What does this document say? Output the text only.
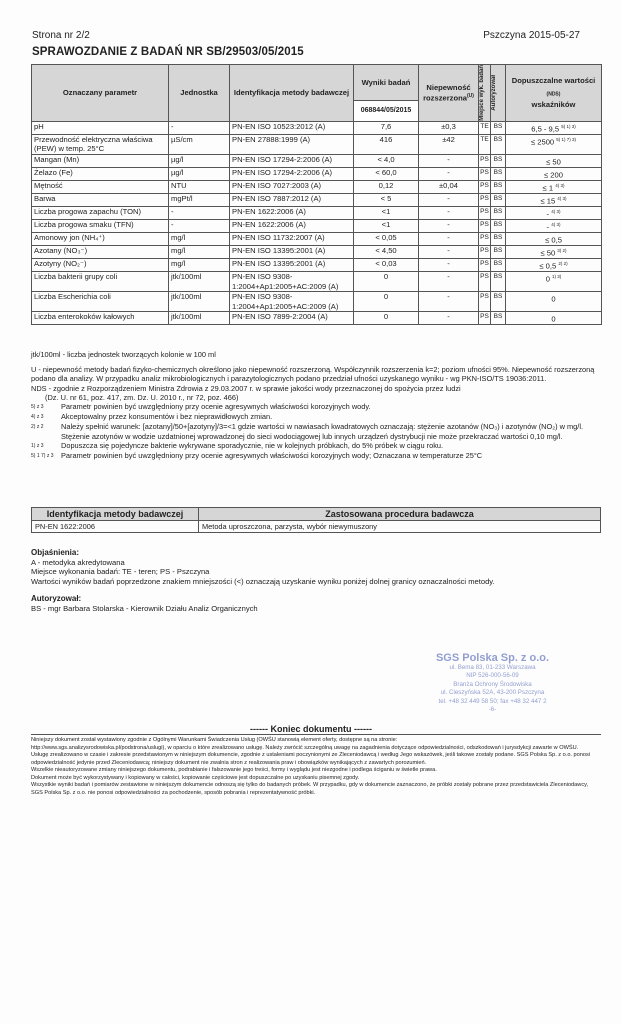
Strona nr 2/2	Pszczyna 2015-05-27
SPRAWOZDANIE Z BADAŃ NR SB/29503/05/2015
Oznaczany parametr	Jednostka	Identyfikacja metody badawczej	Wyniki badań	Niepewność rozszerzona$^{(U)}$	Miejsce wyk. badań	Autoryzował	Dopuszczalne wartości $_{(NDS)}$
wskaźników
			068844/05/2015				
pH	-	PN-EN ISO 10523:2012 (A)	7,6	±0,3	TE	BS	6,5 - 9,5 $^{5) 1) 3)}$
Przewodność elektryczna właściwa (PEW) w temp. 25°C	µS/cm	PN-EN 27888:1999 (A)	416	±42	TE	BS	≤ 2500 $^{5) 1) 7) 3)}$
Mangan (Mn)	µg/l	PN-EN ISO 17294-2:2006 (A)	< 4,0	-	PS	BS	≤ 50
Żelazo (Fe)	µg/l	PN-EN ISO 17294-2:2006 (A)	< 60,0	-	PS	BS	≤ 200
Mętność	NTU	PN-EN ISO 7027:2003 (A)	0,12	±0,04	PS	BS	≤ 1 $^{4) 3)}$
Barwa	mgPt/l	PN-EN ISO 7887:2012 (A)	< 5	-	PS	BS	≤ 15 $^{4) 3)}$
Liczba progowa zapachu (TON)	-	PN-EN 1622:2006 (A)	<1	-	PS	BS	- $^{4) 3)}$
Liczba progowa smaku (TFN)	-	PN-EN 1622:2006 (A)	<1	-	PS	BS	- $^{4) 3)}$
Amonowy jon (NH₄⁺)	mg/l	PN-EN ISO 11732:2007 (A)	< 0,05	-	PS	BS	≤ 0,5
Azotany (NO₃⁻)	mg/l	PN-EN ISO 13395:2001 (A)	< 4,50	-	PS	BS	≤ 50 $^{3) 2)}$
Azotyny (NO₂⁻)	mg/l	PN-EN ISO 13395:2001 (A)	< 0,03	-	PS	BS	≤ 0,5 $^{2) 2)}$
Liczba bakterii grupy coli	jtk/100ml	PN-EN ISO 9308-1:2004+Ap1:2005+AC:2009 (A)	0	-	PS	BS	0 $^{1) 3)}$
Liczba Escherichia coli	jtk/100ml	PN-EN ISO 9308-1:2004+Ap1:2005+AC:2009 (A)	0	-	PS	BS	0
Liczba enterokoków kałowych	jtk/100ml	PN-EN ISO 7899-2:2004 (A)	0	-	PS	BS	0

jtk/100ml - liczba jednostek tworzących kolonie w 100 ml

U - niepewność metody badań fizyko-chemicznych określono jako niepewność rozszerzoną. Współczynnik rozszerzenia k=2; poziom ufności 95%. Niepewność rozszerzoną podano dla analizy. W przypadku analiz mikrobiologicznych i parazytologicznych podano przedział ufności uzyskanego wyniku - wg PKN-ISO/TS 19036:2011.

NDS - zgodnie z Rozporządzeniem Ministra Zdrowia z 29.03.2007 r. w sprawie jakości wody przeznaczonej do spożycia przez ludzi

(Dz. U. nr 61, poz. 417, zm. Dz. U. 2010 r., nr 72, poz. 466)

5) z 3	Parametr powinien być uwzględniony przy ocenie agresywnych właściwości korozyjnych wody.
4) z 3	Akceptowalny przez konsumentów i bez nieprawidłowych zmian.
2) z 2	Należy spełnić warunek: [azotany]/50+[azotyny]/3=<1 gdzie wartości w nawiasach kwadratowych oznaczają: stężenie azotanów (NO₃) i azotynów (NO₂) w mg/l. Stężenie azotynów w wodzie uzdatnionej wprowadzonej do sieci wodociągowej lub innych urządzeń dystrybucji nie może przekraczać wartości 0,10 mg/l.
1) z 3	Dopuszcza się pojedyncze bakterie wykrywane sporadycznie, nie w kolejnych próbkach, do 5% próbek w ciągu roku.
5) 1 7) z 3	Parametr powinien być uwzględniony przy ocenie agresywnych właściwości korozyjnych wody; Oznaczana w temperaturze 25°C
Identyfikacja metody badawczej	Zastosowana procedura badawcza
PN-EN 1622:2006	Metoda uproszczona, parzysta, wybór niewymuszony

Objaśnienia:

A - metodyka akredytowana

Miejsce wykonania badań: TE - teren; PS - Pszczyna

Wartości wyników badań poprzedzone znakiem mniejszości (<) oznaczają uzyskanie wyniku poniżej dolnej granicy oznaczalności metody.

Autoryzował:

BS - mgr Barbara Stolarska - Kierownik Działu Analiz Organicznych

SGS Polska Sp. z o.o.
ul. Bema 83, 01-233 Warszawa
NIP 526-000-56-09
Branża Ochrony Środowiska
ul. Cieszyńska 52A, 43-200 Pszczyna
tel. +48 32 449 58 50; fax +48 32 447 2
-6-
------ Koniec dokumentu ------

Niniejszy dokument został wystawiony zgodnie z Ogólnymi Warunkami Świadczenia Usług (OWŚU stanowią element oferty, dostępne są na stronie:

http://www.sgs.analizysrodowiska.pl/podstrona/uslugi), w oparciu o które zrealizowano usługę. Należy zwrócić szczególną uwagę na zagadnienia dotyczące odpowiedzialności, odszkodowań i jurysdykcji zawarte w OWŚU.

Usługę zrealizowano w czasie i zakresie przedstawionym w niniejszym dokumencie, zgodnie z ustaleniami poczynionymi ze Zleceniodawcą i według Jego wskazówek, jeśli takowe zostały podane. SGS Polska Sp. z o.o. ponosi odpowiedzialność jedynie przed Zleceniodawcą; niniejszy dokument nie zwalnia stron z realizowania praw i obowiązków wynikających z zawartych porozumień.

Wszelkie nieautoryzowane zmiany niniejszego dokumentu, podrabianie i fałszowanie jego treści, formy i wyglądu jest niezgodne i podlega ściganiu w świetle prawa.

Dokument może być wykorzystywany i kopiowany w całości, kopiowanie częściowe jest dopuszczalne po uzyskaniu pisemnej zgody.

Wszystkie wyniki badań i pomiarów zestawione w niniejszym dokumencie odnoszą się tylko do badanych próbek. W przypadku, gdy w dokumencie zaznaczono, że próbki zostały pobrane przez przedstawiciela Zleceniodawcy, SGS Polska Sp. z o.o. nie ponosi odpowiedzialności za pochodzenie, sposób pobrania i reprezentatywność próbki.
